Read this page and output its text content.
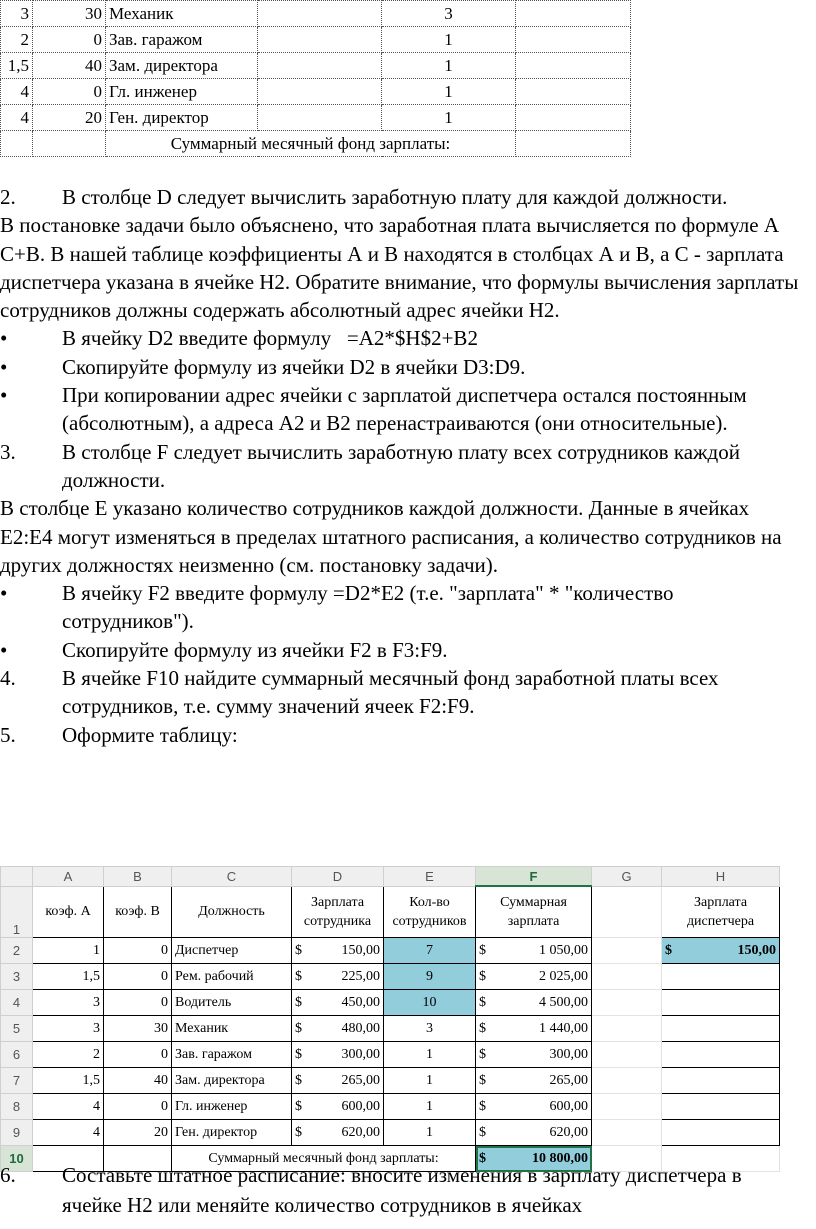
3	30	Механик		3	
2	0	Зав. гаражом		1	
1,5	40	Зам. директора		1	
4	0	Гл. инженер		1	
4	20	Ген. директор		1	
		Суммарный месячный фонд зарплаты:			
2.	В столбце D следует вычислить заработную плату для каждой должности.

В постановке задачи было объяснено, что заработная плата вычисляется по формуле А С+В. В нашей таблице коэффициенты А и В находятся в столбцах А и В, а С - зарплата диспетчера указана в ячейке Н2. Обратите внимание, что формулы вычисления зарплаты сотрудников должны содержать абсолютный адрес ячейки Н2.

•	В ячейку D2 введите формулу   =A2*$H$2+B2
•	Скопируйте формулу из ячейки D2 в ячейки D3:D9.

•	При копировании адрес ячейки с зарплатой диспетчера остался постоянным (абсолютным), а адреса А2 и В2 перенастраиваются (они относительные).

3. В столбце F следует вычислить заработную плату всех сотрудников каждой должности.

В столбце Е указано количество сотрудников каждой должности. Данные в ячейках Е2:Е4 могут изменяться в пределах штатного расписания, а количество сотрудников на других должностях неизменно (см. постановку задачи).

•	В ячейку F2 введите формулу =D2*E2 (т.е. "зарплата" * "количество сотрудников").

•	Скопируйте формулу из ячейки F2 в F3:F9.

4. В ячейке F10 найдите суммарный месячный фонд заработной платы всех сотрудников, т.е. сумму значений ячеек F2:F9.

5.	Оформите таблицу:
	A	B	C	D	E	F	G	H
1	коэф. А	коэф. В	Должность	Зарплата сотрудника	Кол-во сотрудников	Суммарная зарплата		Зарплата диспетчера
2	1	0	Диспетчер	$ 150,00	7	$ 1 050,00		$ 150,00

3	1,5	0	Рем. рабочий	$ 225,00	9	$ 2 025,00		

4	3	0	Водитель	$ 450,00	10	$ 4 500,00		

5	3	30	Механик	$ 480,00	3	$ 1 440,00		

6	2	0	Зав. гаражом	$ 300,00	1	$ 300,00		

7	1,5	40	Зам. директора	$ 265,00	1	$ 265,00		

8	4	0	Гл. инженер	$ 600,00	1	$ 600,00		

9	4	20	Ген. директор	$ 620,00	1	$ 620,00		

10			Суммарный месячный фонд зарплаты:			$ 10 800,00		

6. Составьте штатное расписание: вносите изменения в зарплату диспетчера в ячейке Н2 или меняйте количество сотрудников в ячейках
